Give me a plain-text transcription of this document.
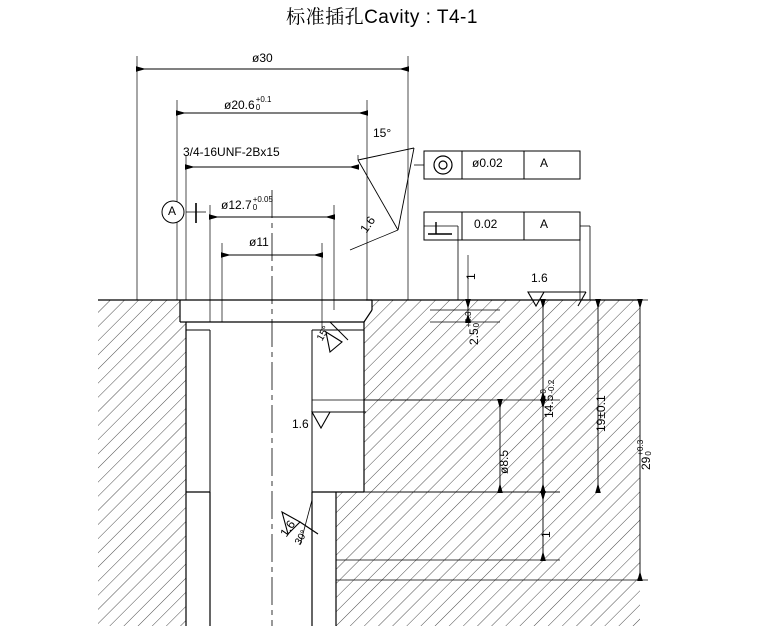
标准插孔Cavity : T4-1
ø30
ø20.6 +0.1
0
3/4-16UNF-2Bx15
ø12.7 +0.05
0
ø11
A
15°
ø0.02	A
0.02	A
1.6
1.6
1.6
1.6
15°
30°
2.5
+0.3 0
ø8.5
14.5
0 -0.2
19±0.1
29
+0.3 0
1
1
